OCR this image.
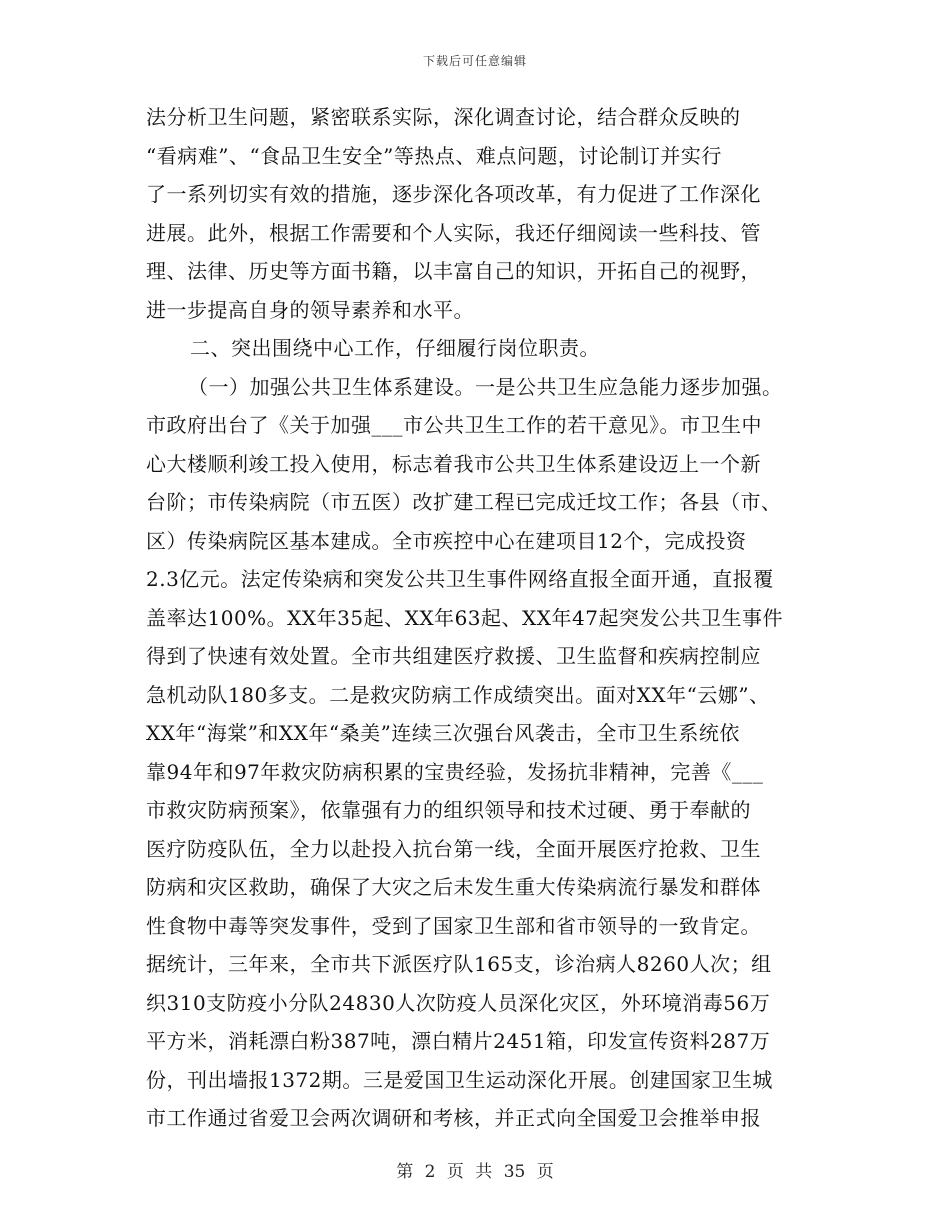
下载后可任意编辑
法分析卫生问题，紧密联系实际，深化调查讨论，结合群众反映的
“看病难”、“食品卫生安全”等热点、难点问题，讨论制订并实行
了一系列切实有效的措施，逐步深化各项改革，有力促进了工作深化
进展。此外，根据工作需要和个人实际，我还仔细阅读一些科技、管
理、法律、历史等方面书籍，以丰富自己的知识，开拓自己的视野，
进一步提高自身的领导素养和水平。
二、突出围绕中心工作，仔细履行岗位职责。
（一）加强公共卫生体系建设。一是公共卫生应急能力逐步加强。
市政府出台了《关于加强___市公共卫生工作的若干意见》。市卫生中
心大楼顺利竣工投入使用，标志着我市公共卫生体系建设迈上一个新
台阶；市传染病院（市五医）改扩建工程已完成迁坟工作；各县（市、
区）传染病院区基本建成。全市疾控中心在建项目12个，完成投资
2.3亿元。法定传染病和突发公共卫生事件网络直报全面开通，直报覆
盖率达100%。XX年35起、XX年63起、XX年47起突发公共卫生事件
得到了快速有效处置。全市共组建医疗救援、卫生监督和疾病控制应
急机动队180多支。二是救灾防病工作成绩突出。面对XX年“云娜”、
XX年“海棠”和XX年“桑美”连续三次强台风袭击，全市卫生系统依
靠94年和97年救灾防病积累的宝贵经验，发扬抗非精神，完善《___
市救灾防病预案》，依靠强有力的组织领导和技术过硬、勇于奉献的
医疗防疫队伍，全力以赴投入抗台第一线，全面开展医疗抢救、卫生
防病和灾区救助，确保了大灾之后未发生重大传染病流行暴发和群体
性食物中毒等突发事件，受到了国家卫生部和省市领导的一致肯定。
据统计，三年来，全市共下派医疗队165支，诊治病人8260人次；组
织310支防疫小分队24830人次防疫人员深化灾区，外环境消毒56万
平方米，消耗漂白粉387吨，漂白精片2451箱，印发宣传资料287万
份，刊出墙报1372期。三是爱国卫生运动深化开展。创建国家卫生城
市工作通过省爱卫会两次调研和考核，并正式向全国爱卫会推举申报
第 2 页 共 35 页
